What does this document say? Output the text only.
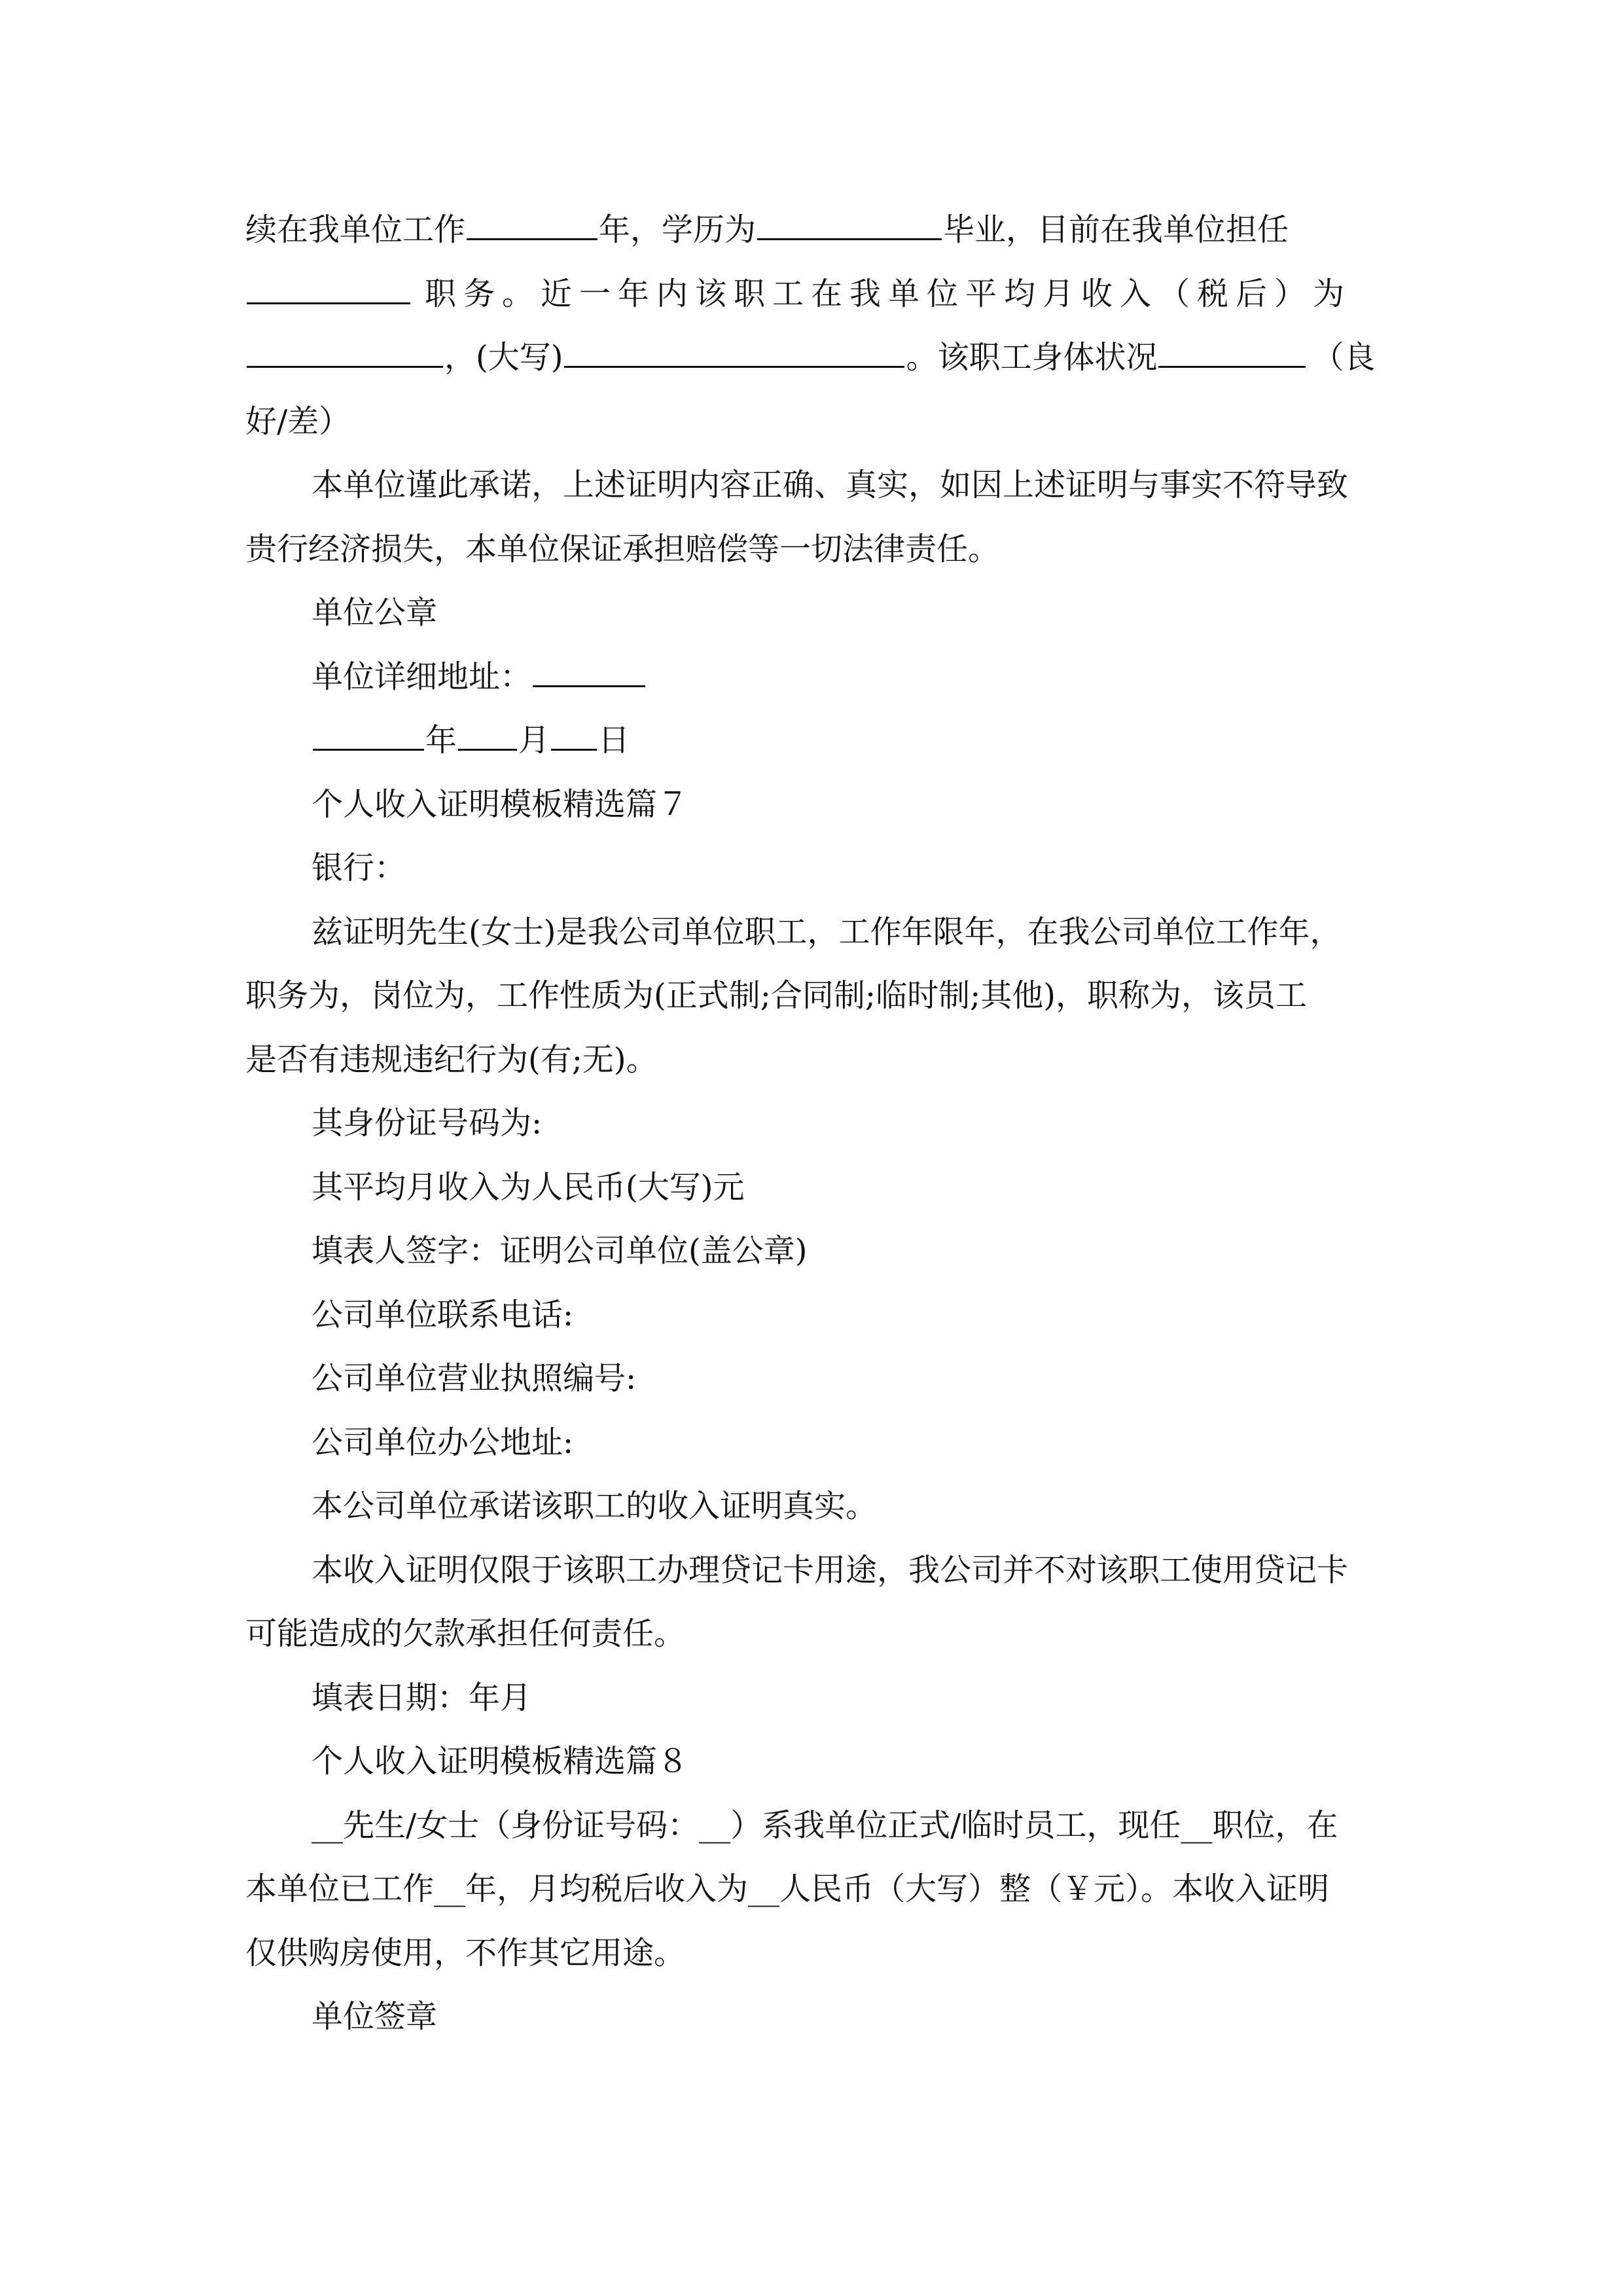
续在我单位工作	年，学历为	毕业，目前在我单位担任
职务。近一年内该职工在我单位平均月收入（税后）为
，(大写)	。该职工身体状况	（良
好/差）
本单位谨此承诺，上述证明内容正确、真实，如因上述证明与事实不符导致
贵行经济损失，本单位保证承担赔偿等一切法律责任。
单位公章
单位详细地址：
年 月 日
个人收入证明模板精选篇７
银行：
兹证明先生(女士)是我公司单位职工，工作年限年，在我公司单位工作年，
职务为，岗位为，工作性质为(正式制;合同制;临时制;其他)，职称为，该员工
是否有违规违纪行为(有;无)。
其身份证号码为:
其平均月收入为人民币(大写)元
填表人签字：证明公司单位(盖公章)
公司单位联系电话:
公司单位营业执照编号:
公司单位办公地址:
本公司单位承诺该职工的收入证明真实。
本收入证明仅限于该职工办理贷记卡用途，我公司并不对该职工使用贷记卡
可能造成的欠款承担任何责任。
填表日期：年月
个人收入证明模板精选篇８
__先生/女士（身份证号码：__）系我单位正式/临时员工，现任__职位，在
本单位已工作__年，月均税后收入为__人民币（大写）整（￥元）。本收入证明
仅供购房使用，不作其它用途。
单位签章
